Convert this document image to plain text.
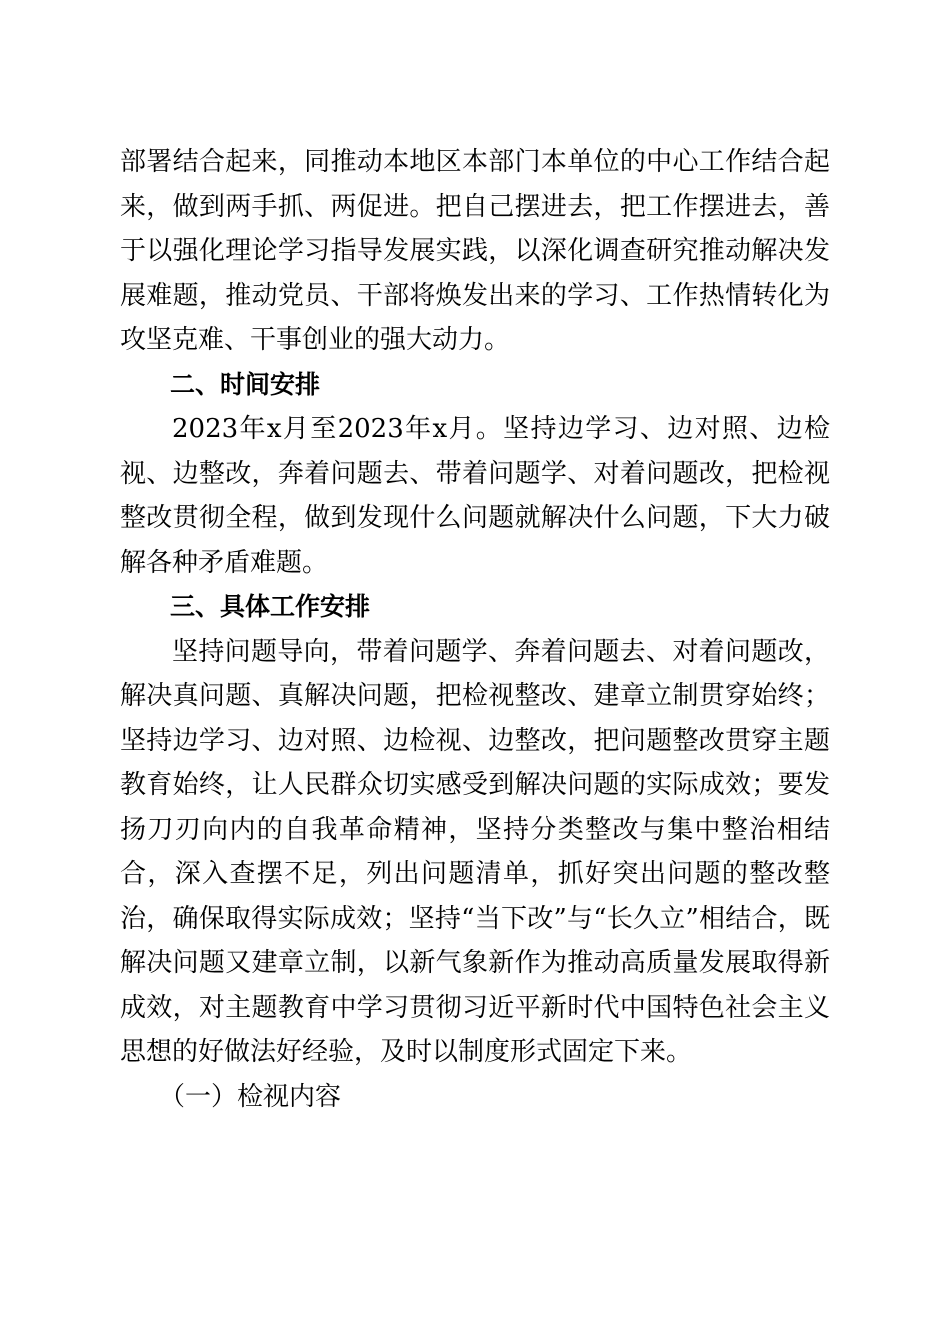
部署结合起来，同推动本地区本部门本单位的中心工作结合起来，做到两手抓、两促进。把自己摆进去，把工作摆进去，善于以强化理论学习指导发展实践，以深化调查研究推动解决发展难题，推动党员、干部将焕发出来的学习、工作热情转化为攻坚克难、干事创业的强大动力。

二、时间安排

2023年x月至2023年x月。坚持边学习、边对照、边检视、边整改，奔着问题去、带着问题学、对着问题改，把检视整改贯彻全程，做到发现什么问题就解决什么问题，下大力破解各种矛盾难题。

三、具体工作安排

坚持问题导向，带着问题学、奔着问题去、对着问题改，解决真问题、真解决问题，把检视整改、建章立制贯穿始终；坚持边学习、边对照、边检视、边整改，把问题整改贯穿主题教育始终，让人民群众切实感受到解决问题的实际成效；要发扬刀刃向内的自我革命精神，坚持分类整改与集中整治相结合，深入查摆不足，列出问题清单，抓好突出问题的整改整治，确保取得实际成效；坚持“当下改”与“长久立”相结合，既解决问题又建章立制，以新气象新作为推动高质量发展取得新成效，对主题教育中学习贯彻习近平新时代中国特色社会主义思想的好做法好经验，及时以制度形式固定下来。

（一）检视内容
